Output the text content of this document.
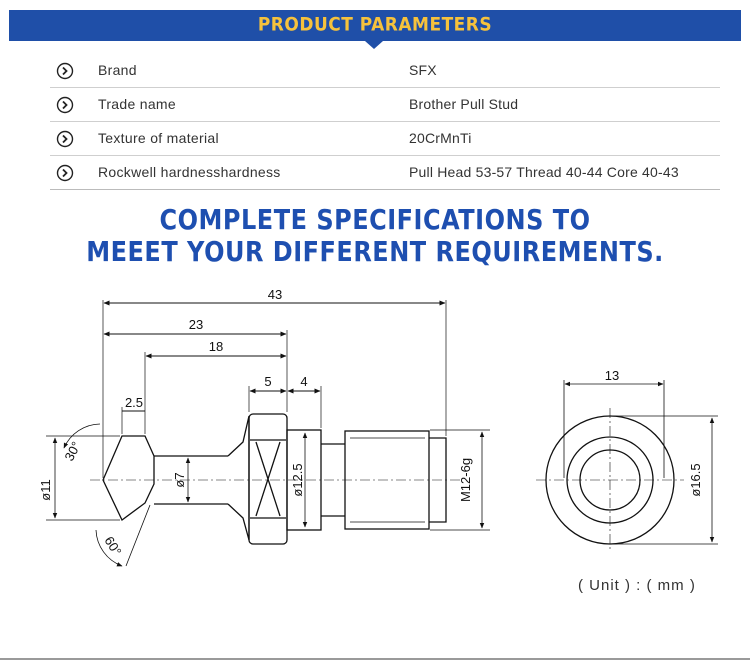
PRODUCT PARAMETERS
Brand	SFX
Trade name	Brother Pull Stud
Texture of material	20CrMnTi
Rockwell hardnesshardness	Pull Head 53-57 Thread 40-44 Core 40-43
COMPLETE SPECIFICATIONS TO
MEEET YOUR DIFFERENT REQUIREMENTS.
43
23
18
5 4
2.5
30°
60°
ø11	ø7	ø12.5	M12-6g
13
ø16.5
( Unit ) : ( mm )
